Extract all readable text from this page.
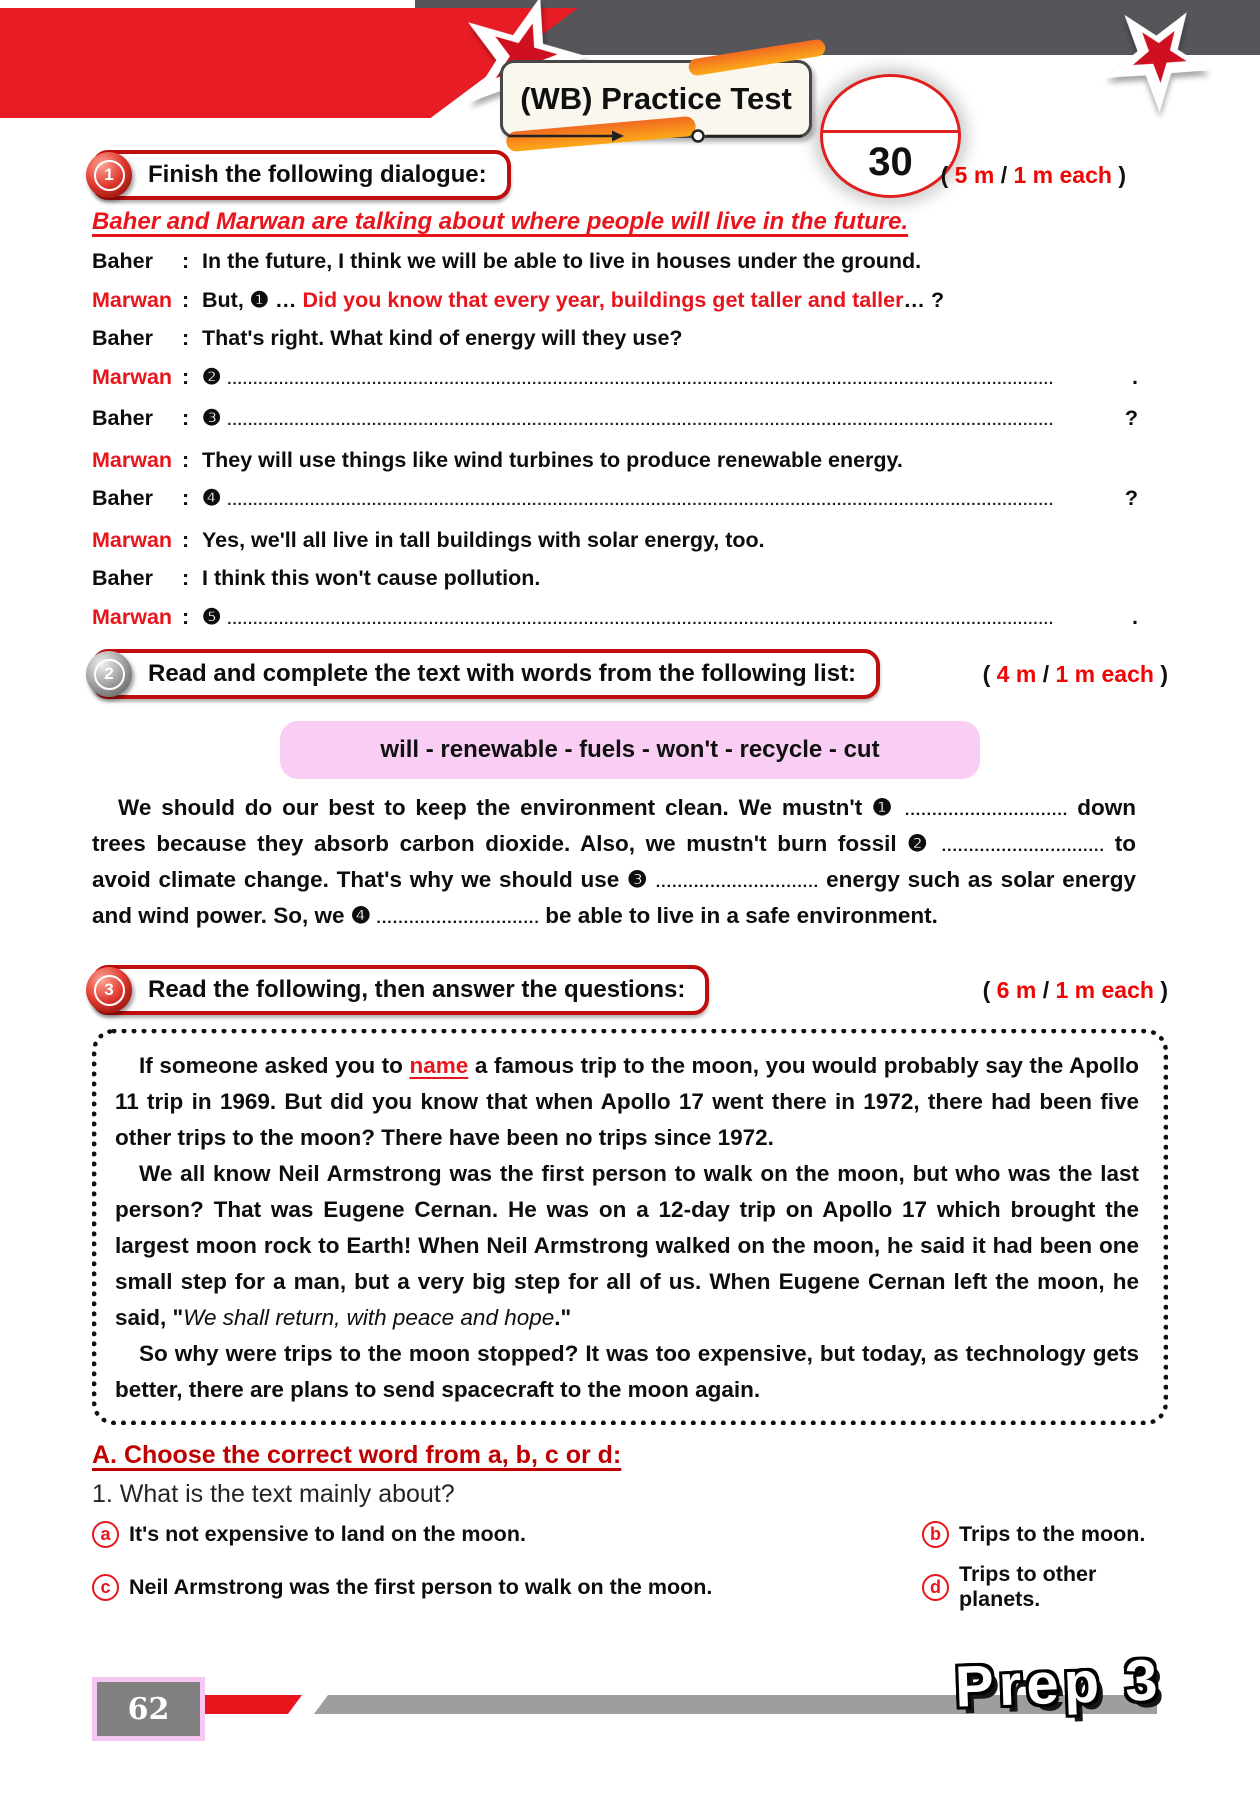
(WB) Practice Test
30
1	Finish the following dialogue:	( 5 m / 1 m each )

Baher and Marwan are talking about where people will live in the future.

Baher	: In the future, I think we will be able to live in houses under the ground.
Marwan : But, ❶ … Did you know that every year, buildings get taller and taller … ?
Baher	: That's right. What kind of energy will they use?
Marwan : ❷ ................................................................................................................................................................	.
Baher	: ❸ ................................................................................................................................................................	?
Marwan : They will use things like wind turbines to produce renewable energy.
Baher	: ❹ ................................................................................................................................................................	?
Marwan : Yes, we'll all live in tall buildings with solar energy, too.
Baher	: I think this won't cause pollution.
Marwan : ❺ ................................................................................................................................................................	.
2	Read and complete the text with words from the following list:	( 4 m / 1 m each )
will - renewable - fuels - won't - recycle - cut

We should do our best to keep the environment clean. We mustn't ❶ .............................. down trees because they absorb carbon dioxide. Also, we mustn't burn fossil ❷ .............................. to avoid climate change. That's why we should use ❸ .............................. energy such as solar energy and wind power. So, we ❹ .............................. be able to live in a safe environment.

3	Read the following, then answer the questions:	( 6 m / 1 m each )

If someone asked you to name a famous trip to the moon, you would probably say the Apollo 11 trip in 1969. But did you know that when Apollo 17 went there in 1972, there had been five other trips to the moon? There have been no trips since 1972.

We all know Neil Armstrong was the first person to walk on the moon, but who was the last person? That was Eugene Cernan. He was on a 12-day trip on Apollo 17 which brought the largest moon rock to Earth! When Neil Armstrong walked on the moon, he said it had been one small step for a man, but a very big step for all of us. When Eugene Cernan left the moon, he said, "We shall return, with peace and hope."

So why were trips to the moon stopped? It was too expensive, but today, as technology gets better, there are plans to send spacecraft to the moon again.

A. Choose the correct word from a, b, c or d:

1. What is the text mainly about?

a It's not expensive to land on the moon.	b Trips to the moon.
c Neil Armstrong was the first person to walk on the moon.	d
Trips to other planets.
62	Prep 3
